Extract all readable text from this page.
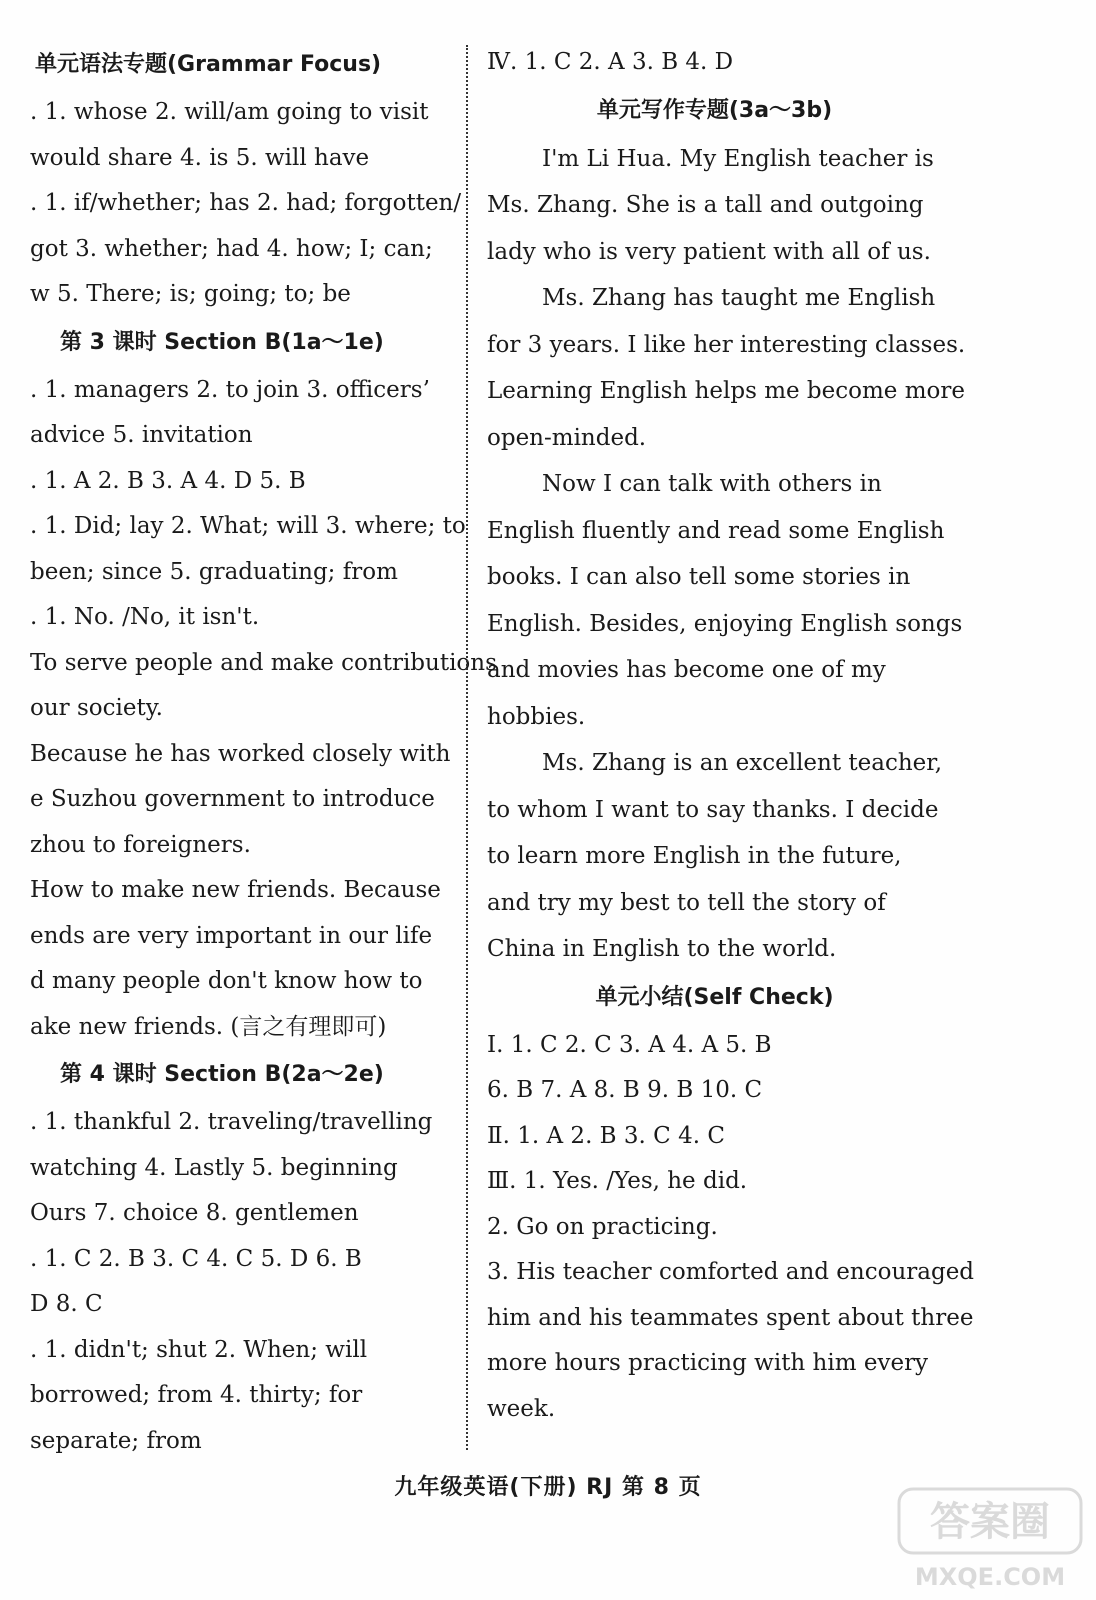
单元语法专题(Grammar Focus)
. 1. whose 2. will/am going to visit
would share 4. is 5. will have
. 1. if/whether; has 2. had; forgotten/
got 3. whether; had 4. how; I; can;
w 5. There; is; going; to; be
第 3 课时 Section B(1a～1e)
. 1. managers 2. to join 3. officers’
advice 5. invitation
. 1. A 2. B 3. A 4. D 5. B
. 1. Did; lay 2. What; will 3. where; to
been; since 5. graduating; from
. 1. No. /No, it isn't.
To serve people and make contributions
our society.
Because he has worked closely with
e Suzhou government to introduce
zhou to foreigners.
How to make new friends. Because
ends are very important in our life
d many people don't know how to
ake new friends. (言之有理即可)
第 4 课时 Section B(2a～2e)
. 1. thankful 2. traveling/travelling
watching 4. Lastly 5. beginning
Ours 7. choice 8. gentlemen
. 1. C 2. B 3. C 4. C 5. D 6. B
D 8. C
. 1. didn't; shut 2. When; will
borrowed; from 4. thirty; for
separate; from
Ⅳ. 1. C 2. A 3. B 4. D
单元写作专题(3a～3b)

I'm Li Hua. My English teacher is
Ms. Zhang. She is a tall and outgoing
lady who is very patient with all of us.

Ms. Zhang has taught me English
for 3 years. I like her interesting classes.
Learning English helps me become more
open-minded.

Now I can talk with others in
English fluently and read some English
books. I can also tell some stories in
English. Besides, enjoying English songs
and movies has become one of my
hobbies.

Ms. Zhang is an excellent teacher,
to whom I want to say thanks. I decide
to learn more English in the future,
and try my best to tell the story of
China in English to the world.

单元小结(Self Check)
Ⅰ. 1. C 2. C 3. A 4. A 5. B
6. B 7. A 8. B 9. B 10. C
Ⅱ. 1. A 2. B 3. C 4. C
Ⅲ. 1. Yes. /Yes, he did.
2. Go on practicing.
3. His teacher comforted and encouraged
him and his teammates spent about three
more hours practicing with him every
week.
九年级英语(下册) RJ 第 8 页
答案圈
MXQE.COM
